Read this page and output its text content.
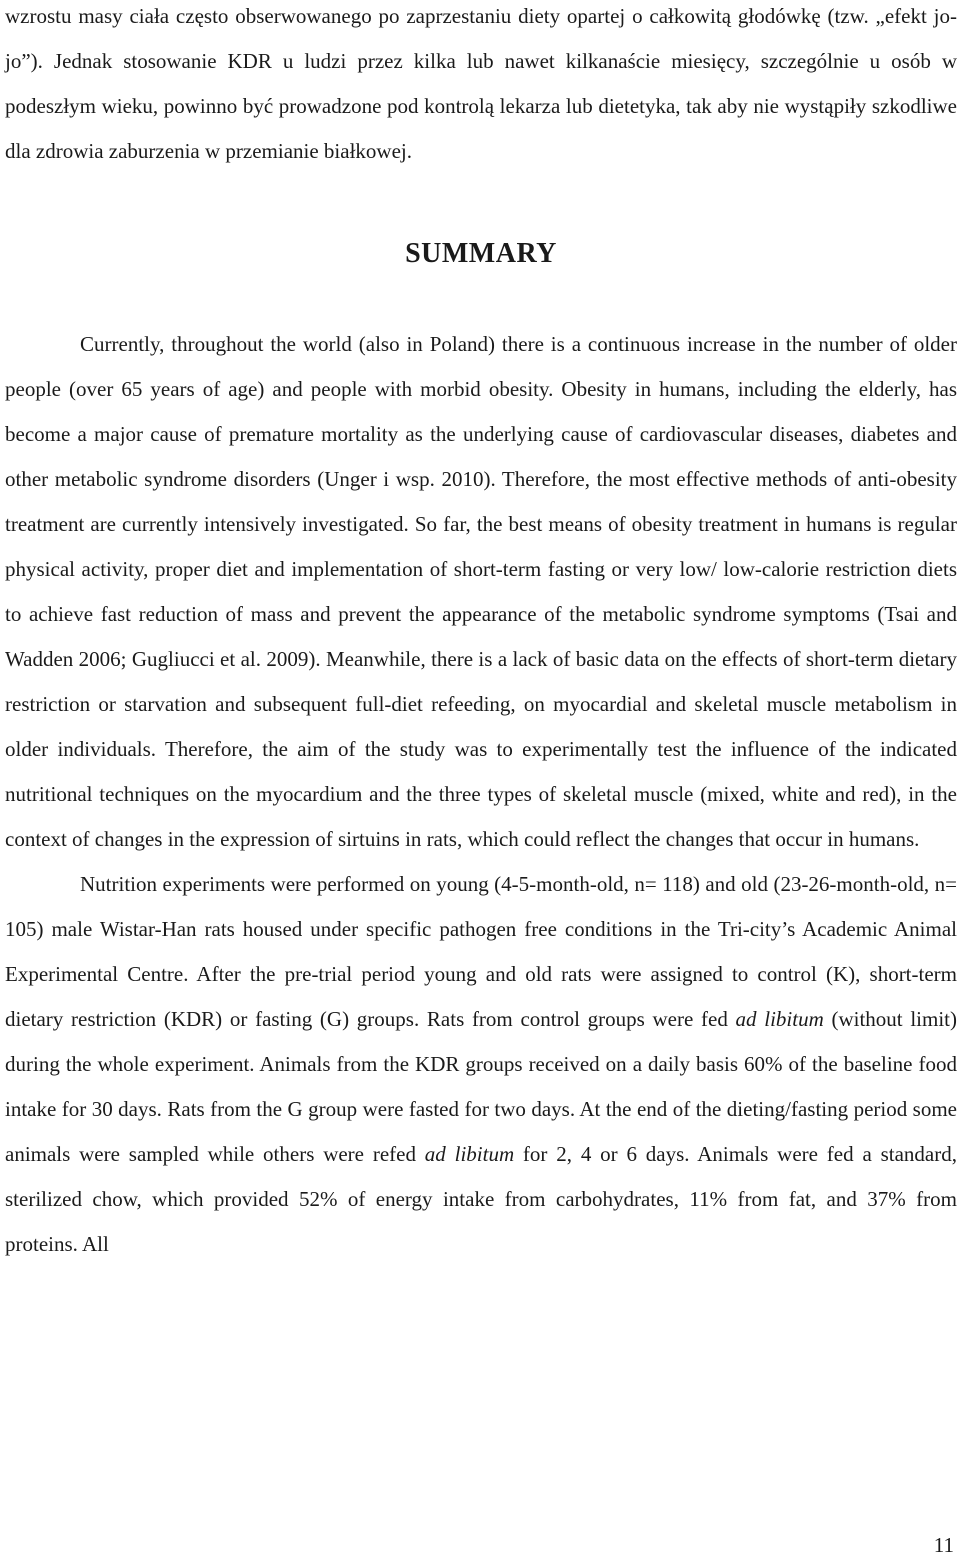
wzrostu masy ciała często obserwowanego po zaprzestaniu diety opartej o całkowitą głodówkę (tzw. „efekt jo-jo”). Jednak stosowanie KDR u ludzi przez kilka lub nawet kilkanaście miesięcy, szczególnie u osób w podeszłym wieku, powinno być prowadzone pod kontrolą lekarza lub dietetyka, tak aby nie wystąpiły szkodliwe dla zdrowia zaburzenia w przemianie białkowej.

SUMMARY

Currently, throughout the world (also in Poland) there is a continuous increase in the number of older people (over 65 years of age) and people with morbid obesity. Obesity in humans, including the elderly, has become a major cause of premature mortality as the underlying cause of cardiovascular diseases, diabetes and other metabolic syndrome disorders (Unger i wsp. 2010). Therefore, the most effective methods of anti-obesity treatment are currently intensively investigated. So far, the best means of obesity treatment in humans is regular physical activity, proper diet and implementation of short-term fasting or very low/ low-calorie restriction diets to achieve fast reduction of mass and prevent the appearance of the metabolic syndrome symptoms (Tsai and Wadden 2006; Gugliucci et al. 2009). Meanwhile, there is a lack of basic data on the effects of short-term dietary restriction or starvation and subsequent full-diet refeeding, on myocardial and skeletal muscle metabolism in older individuals. Therefore, the aim of the study was to experimentally test the influence of the indicated nutritional techniques on the myocardium and the three types of skeletal muscle (mixed, white and red), in the context of changes in the expression of sirtuins in rats, which could reflect the changes that occur in humans.

Nutrition experiments were performed on young (4-5-month-old, n= 118) and old (23-26-month-old, n= 105) male Wistar-Han rats housed under specific pathogen free conditions in the Tri-city’s Academic Animal Experimental Centre. After the pre-trial period young and old rats were assigned to control (K), short-term dietary restriction (KDR) or fasting (G) groups. Rats from control groups were fed ad libitum (without limit) during the whole experiment. Animals from the KDR groups received on a daily basis 60% of the baseline food intake for 30 days. Rats from the G group were fasted for two days. At the end of the dieting/fasting period some animals were sampled while others were refed ad libitum for 2, 4 or 6 days. Animals were fed a standard, sterilized chow, which provided 52% of energy intake from carbohydrates, 11% from fat, and 37% from proteins. All

11
